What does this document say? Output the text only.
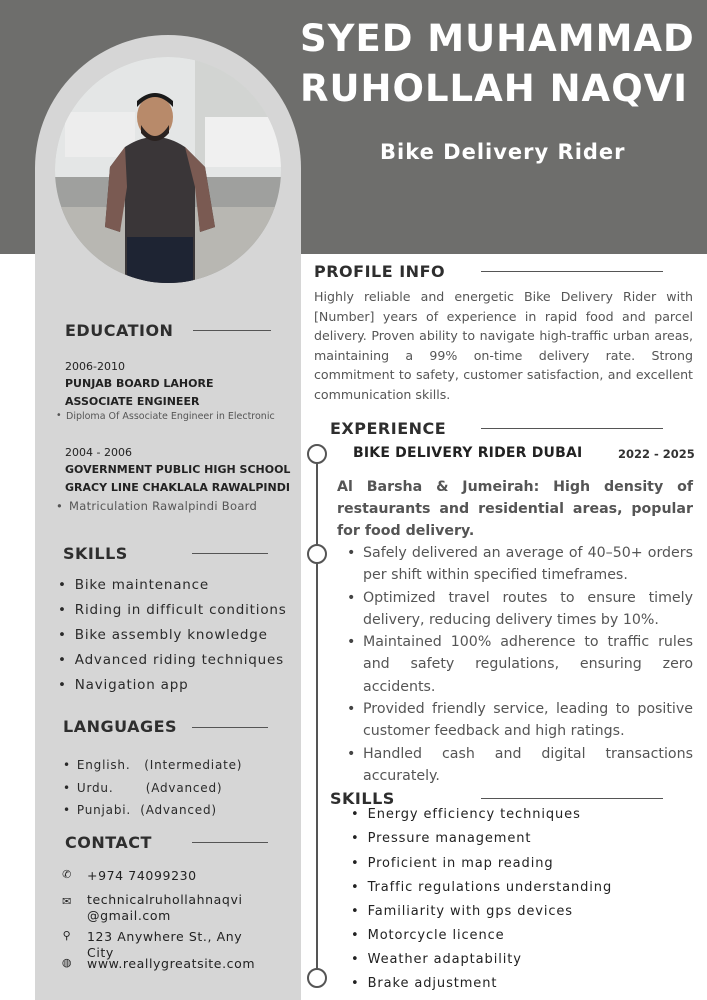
SYED MUHAMMAD
RUHOLLAH NAQVI
Bike Delivery Rider
EDUCATION
2006-2010
PUNJAB BOARD LAHORE
ASSOCIATE ENGINEER
• Diploma Of Associate Engineer in Electronic
2004 - 2006
GOVERNMENT PUBLIC HIGH SCHOOL
GRACY LINE CHAKLALA RAWALPINDI
• Matriculation Rawalpindi Board
SKILLS
• Bike maintenance
• Riding in difficult conditions
• Bike assembly knowledge
• Advanced riding techniques
• Navigation app
LANGUAGES
• English.   (Intermediate)
• Urdu.       (Advanced)
• Punjabi.  (Advanced)
CONTACT
✆ +974 74099230
✉ technicalruhollahnaqvi@gmail.com
⚲ 123 Anywhere St., Any City
◍ www.reallygreatsite.com
PROFILE INFO
Highly reliable and energetic Bike Delivery Rider with [Number] years of experience in rapid food and parcel delivery. Proven ability to navigate high-traffic urban areas, maintaining a 99% on-time delivery rate. Strong commitment to safety, customer satisfaction, and excellent communication skills.
EXPERIENCE
BIKE DELIVERY RIDER DUBAI	2022 - 2025
Al Barsha & Jumeirah: High density of restaurants and residential areas, popular for food delivery.
• Safely delivered an average of 40–50+ orders per shift within specified timeframes.
• Optimized travel routes to ensure timely delivery, reducing delivery times by 10%.
• Maintained 100% adherence to traffic rules and safety regulations, ensuring zero accidents.
• Provided friendly service, leading to positive customer feedback and high ratings.
• Handled cash and digital transactions accurately.
SKILLS
• Energy efficiency techniques
• Pressure management
• Proficient in map reading
• Traffic regulations understanding
• Familiarity with gps devices
• Motorcycle licence
• Weather adaptability
• Brake adjustment
